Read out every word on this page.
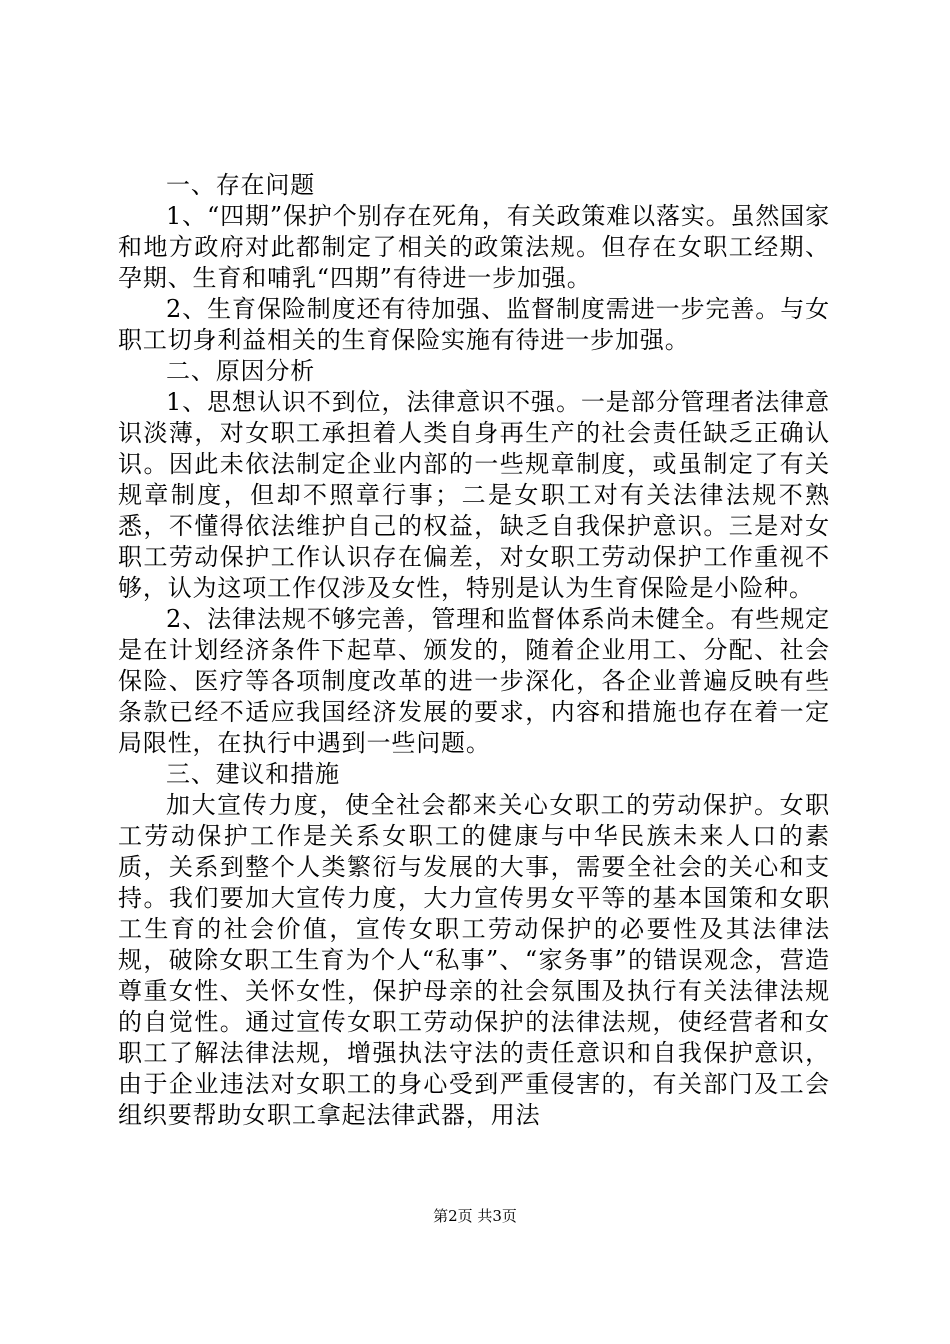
一、存在问题

1、“四期”保护个别存在死角，有关政策难以落实。虽然国家和地方政府对此都制定了相关的政策法规。但存在女职工经期、孕期、生育和哺乳“四期”有待进一步加强。

2、生育保险制度还有待加强、监督制度需进一步完善。与女职工切身利益相关的生育保险实施有待进一步加强。

二、原因分析

1、思想认识不到位，法律意识不强。一是部分管理者法律意识淡薄，对女职工承担着人类自身再生产的社会责任缺乏正确认识。因此未依法制定企业内部的一些规章制度，或虽制定了有关规章制度，但却不照章行事；二是女职工对有关法律法规不熟悉，不懂得依法维护自己的权益，缺乏自我保护意识。三是对女职工劳动保护工作认识存在偏差，对女职工劳动保护工作重视不够，认为这项工作仅涉及女性，特别是认为生育保险是小险种。

2、法律法规不够完善，管理和监督体系尚未健全。有些规定是在计划经济条件下起草、颁发的，随着企业用工、分配、社会保险、医疗等各项制度改革的进一步深化，各企业普遍反映有些条款已经不适应我国经济发展的要求，内容和措施也存在着一定局限性，在执行中遇到一些问题。

三、建议和措施

加大宣传力度，使全社会都来关心女职工的劳动保护。女职工劳动保护工作是关系女职工的健康与中华民族未来人口的素质，关系到整个人类繁衍与发展的大事，需要全社会的关心和支持。我们要加大宣传力度，大力宣传男女平等的基本国策和女职工生育的社会价值，宣传女职工劳动保护的必要性及其法律法规，破除女职工生育为个人“私事”、“家务事”的错误观念，营造尊重女性、关怀女性，保护母亲的社会氛围及执行有关法律法规的自觉性。通过宣传女职工劳动保护的法律法规，使经营者和女职工了解法律法规，增强执法守法的责任意识和自我保护意识，由于企业违法对女职工的身心受到严重侵害的，有关部门及工会组织要帮助女职工拿起法律武器，用法

第2页 共3页
